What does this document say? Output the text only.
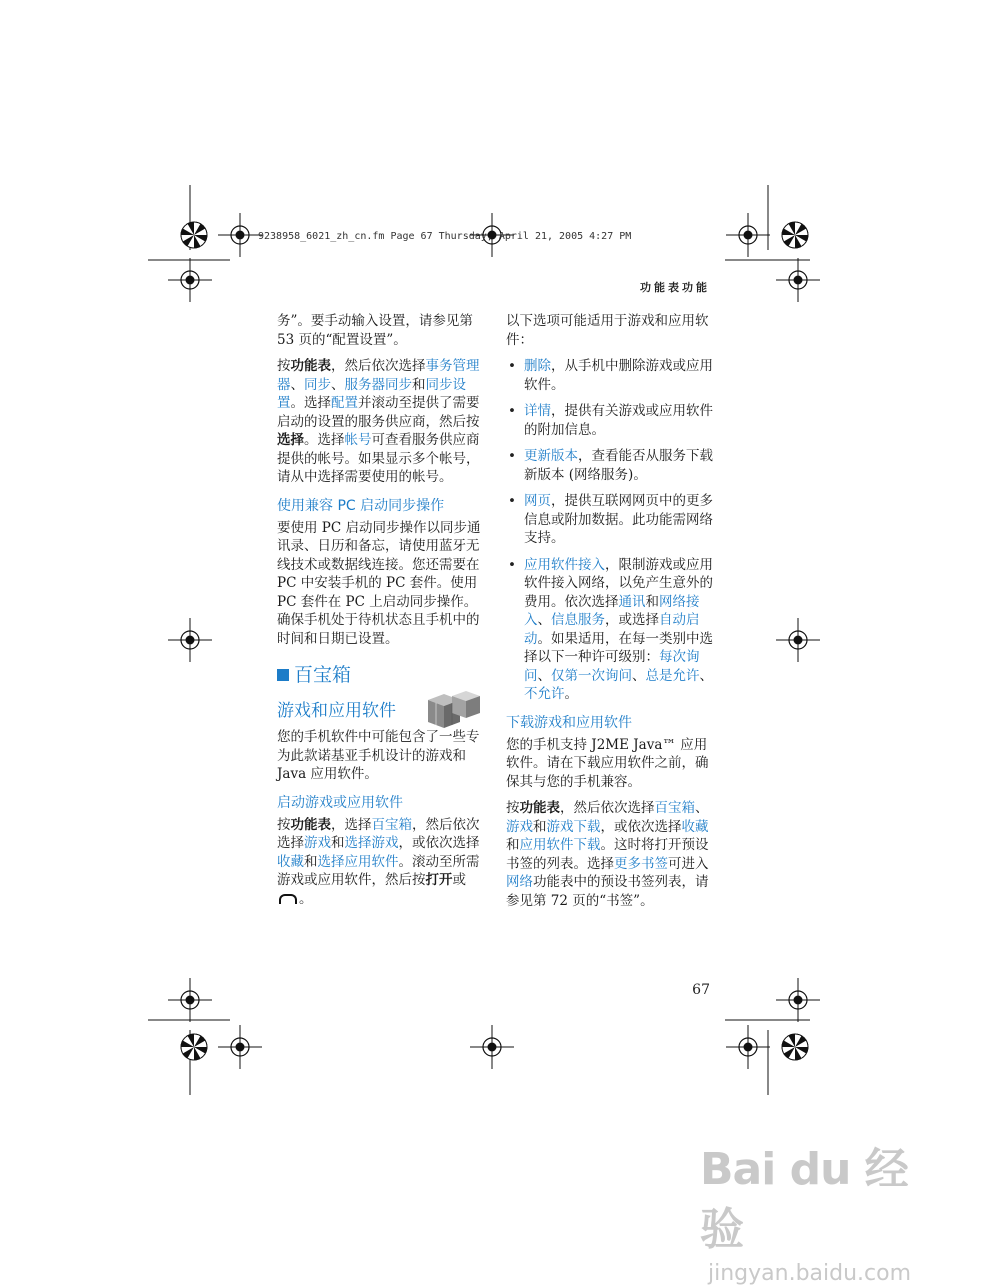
9238958_6021_zh_cn.fm Page 67 Thursday, April 21, 2005 4:27 PM
功能表功能

务”。要手动输入设置，请参见第 53 页的“配置设置”。

按功能表，然后依次选择事务管理器、同步、服务器同步和同步设置。选择配置并滚动至提供了需要启动的设置的服务供应商，然后按选择。选择帐号可查看服务供应商提供的帐号。如果显示多个帐号，请从中选择需要使用的帐号。

使用兼容 PC 启动同步操作

要使用 PC 启动同步操作以同步通讯录、日历和备忘，请使用蓝牙无线技术或数据线连接。您还需要在 PC 中安装手机的 PC 套件。使用 PC 套件在 PC 上启动同步操作。确保手机处于待机状态且手机中的时间和日期已设置。

百宝箱
游戏和应用软件

您的手机软件中可能包含了一些专为此款诺基亚手机设计的游戏和 Java 应用软件。

启动游戏或应用软件

按功能表，选择百宝箱，然后依次选择游戏和选择游戏，或依次选择收藏和选择应用软件。滚动至所需游戏或应用软件，然后按打开或。

以下选项可能适用于游戏和应用软件：

• 删除，从手机中删除游戏或应用软件。
• 详情，提供有关游戏或应用软件的附加信息。
• 更新版本，查看能否从服务下载新版本 (网络服务)。
• 网页，提供互联网网页中的更多信息或附加数据。此功能需网络支持。
• 应用软件接入，限制游戏或应用软件接入网络，以免产生意外的费用。依次选择通讯和网络接入、信息服务，或选择自动启动。如果适用，在每一类别中选择以下一种许可级别：每次询问、仅第一次询问、总是允许、不允许。
下载游戏和应用软件

您的手机支持 J2ME Java™ 应用软件。请在下载应用软件之前，确保其与您的手机兼容。

按功能表，然后依次选择百宝箱、游戏和游戏下载，或依次选择收藏和应用软件下载。这时将打开预设书签的列表。选择更多书签可进入网络功能表中的预设书签列表，请参见第 72 页的“书签”。

67
Bai du 经验
jingyan.baidu.com
